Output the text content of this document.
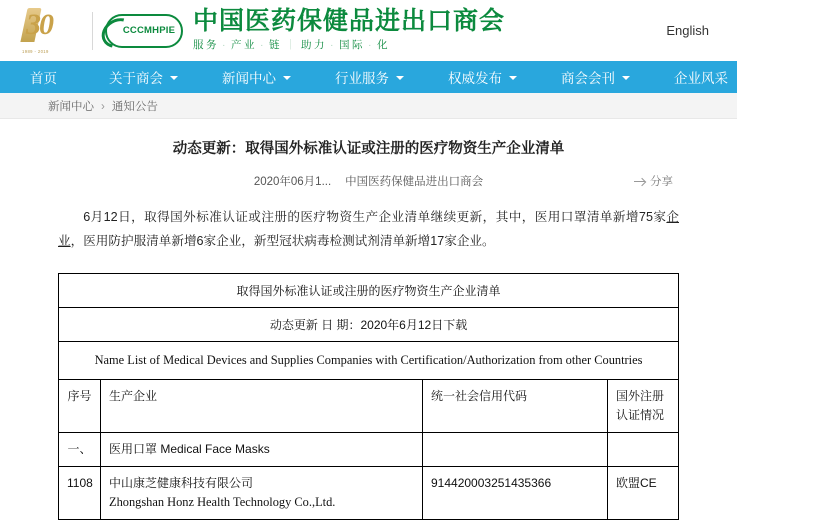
30
1989 - 2019
CCCMHPIE 中国医药保健品进出口商会
服务 · 产业 · 链 ｜ 助力 · 国际 · 化
English
首页	关于商会	新闻中心	行业服务	权威发布	商会会刊	企业风采	会员之
新闻中心 › 通知公告
动态更新：取得国外标准认证或注册的医疗物资生产企业清单
2020年06月1... 中国医药保健品进出口商会	分享
6月12日，取得国外标准认证或注册的医疗物资生产企业清单继续更新，其中，医用口罩清单新增75家企业，医用防护服清单新增6家企业，新型冠状病毒检测试剂清单新增17家企业。
取得国外标准认证或注册的医疗物资生产企业清单			
动态更新 日 期：2020年6月12日下载			
Name List of Medical Devices and Supplies Companies with Certification/Authorization from other Countries			
序号	生产企业	统一社会信用代码	国外注册
认证情况
一、	医用口罩 Medical Face Masks		
1108	中山康芝健康科技有限公司
Zhongshan Honz Health Technology Co.,Ltd.	914420003251435366	欧盟CE
